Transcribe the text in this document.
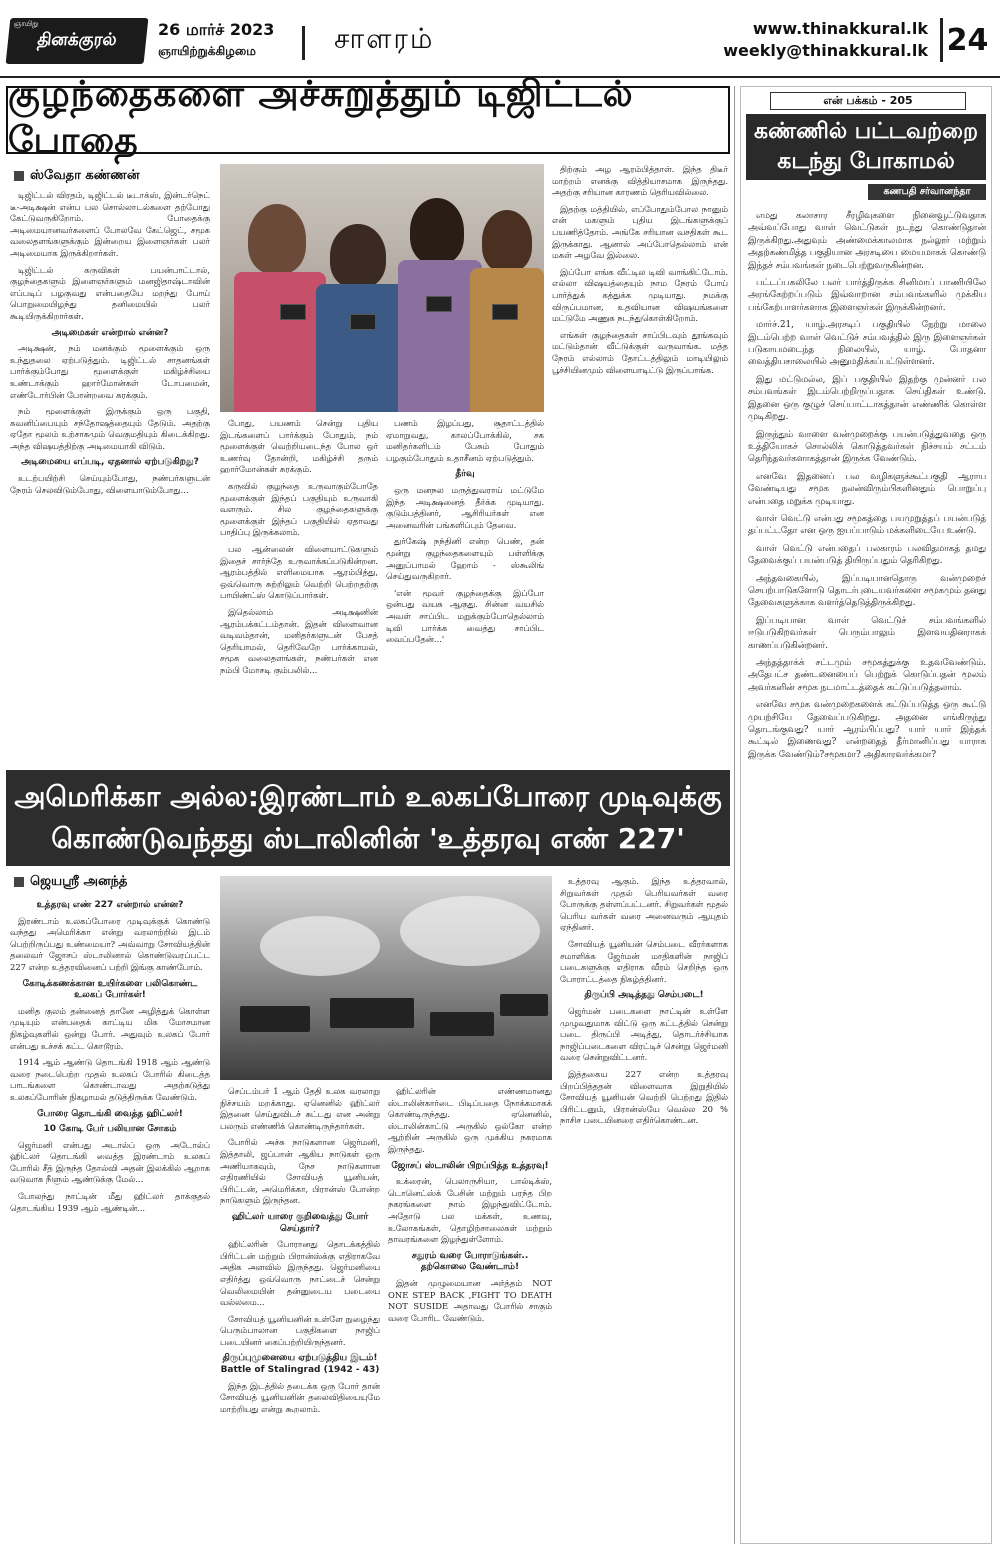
ஞாயிறு
தினக்குரல்
26 மார்ச் 2023
ஞாயிற்றுக்கிழமை	சாளரம்	www.thinakkural.lk
weekly@thinakkural.lk 24
குழந்தைகளை அச்சுறுத்தும் டிஜிட்டல் போதை
ஸ்வேதா கண்ணன்

டிஜிட்டல் விரதம், டிஜிட்டல் டீடாக்ஸ், இன்டர்நெட் டீ-அடிக்ஷன் என்ப பல சொல்லாடல்களை தற்போது கேட்டுவருகிறோம். போதைக்கு அடிமையானவர்களைப் போலவே கேட்ஜெட், சமூக வலைதளங்களுக்கும் இன்றைய இளைஞர்கள் பலர் அடிமையாக இருக்கிறார்கள்.

டிஜிட்டல் கருவிகள் பயன்பாட்டால், குழந்தைகளும் இளைஞர்களும் மனஜிதாஷ்டாவின் எப்படிப் பழகுவது என்பதையே மறந்து போய் பொறுமையிழந்து தனிமையில் பலர் கூடியிருக்கிறார்கள்.

அடிமைகள் என்றால் என்ன?

அடிக்ஷன், நம் மனக்கும் மூளைக்கும் ஒரு உந்துதலை ஏற்படுத்தும். டிஜிட்டல் சாதனங்கள் பார்க்கும்போது மூளைக்குள் மகிழ்ச்சியை உண்டாக்கும் ஹார்மோன்கள் டோபமைன், எண்டோர்பின் போன்றவை சுரக்கும்.

நம் மூளைக்குள் இருக்கும் ஒரு பகுதி, கவனிப்பையும் சந்தோஷத்தையும் தேடும். அதற்கு ஏதோ மூலம் உற்சாகமும் வெகுமதியும் கிடைக்கிறது. அந்த விஷயத்திற்கு அடிமையாகி விடும்.

அடிமையை எப்படி, ஏதனால் ஏற்படுகிறது?

உடற்பயிற்சி செய்யும்போது, நண்பர்களுடன் நேரம் செலவிடும்போது, விளையாடும்போது...

போது, பயணம் சென்று புதிய இடங்களைப் பார்க்கும் போதும், நம் மூளைக்குள் வெற்றியடைந்த போல ஒர் உணர்வு தோன்றி, மகிழ்ச்சி தரும் ஹார்மோன்கள் சுரக்கும்.

கருவில் குழந்தை உருவாகும்போதே மூளைக்குள் இந்தப் பகுதியும் உருவாகி வளரும். சில குழந்தைகளுக்கு மூளைக்குள் இந்தப் பகுதியில் ஏதாவது பாதிப்பு இருக்கலாம்.

பல ஆன்லைன் விளையாட்டுகளும் இதைச் சார்ந்தே உருவாக்கப்படுகின்றன. ஆரம்பத்தில் எளிமையாக ஆரம்பித்து, ஒவ்வொரு சுற்றிலும் வெற்றி பெற்றதற்கு பாயிண்ட்ஸ் கொடுப்பார்கள்.

இதெல்லாம் அடிக்ஷனின் ஆரம்பக்கட்டம்தான். இதன் விளைவான வடிவம்தான், மனிதர்களுடன் பேசத் தெரியாமல், தெரிவேறே பார்க்காமல், சமூக வலைதளங்கள், நண்பர்கள் என நம்பி மோசடி கும்பலில்...

பணம் இழப்பது, சூதாட்டத்தில் ஏமாறுவது, காலப்போக்கில், சக மனிதர்களிடம் பேசும் போதும் பழகும்போதும் உதாசீனம் ஏற்படுத்தும்.

தீர்வு

ஒரு மனநல மருத்துவராய் மட்டுமே இந்த அடிக்ஷனைத் தீர்க்க முடியாது. குடும்பத்தினர், ஆசிரியர்கள் என அனைவரின் பங்களிப்பும் தேவை.

துர்கேஷ் நந்தினி என்ற பெண், தன் மூன்று குழந்தைகளையும் பள்ளிக்கு அனுப்பாமல் ஹோம் - ஸ்கூலிங் செய்துவருகிறார்.

'என் மூவர் குழந்தைக்கு இப்போ ஒன்பது வயசு ஆகுது. சின்ன வயசில் அவள் சாப்பிட மறுக்கும்போதெல்லாம் டிவி பார்க்க வைத்து சாப்பிட வைப்பதேன்...'

திற்கும் அழ ஆரம்பித்தாள். இந்த திடீர் மாற்றம் எனக்கு வித்தியாசமாக இருந்தது. அதற்கு சரியான காரணம் தெரியவில்லை.

இதற்கு மத்தியில், எப்போதும்போல நானும் என் மகளும் புதிய இடங்களுக்குப் பயணித்தோம். அங்கே சரியான வசதிகள் கூட இருக்காது. ஆனால் அப்போதெல்லாம் என் மகள் அழவே இல்லை.

இப்போ எங்க வீட்டில டிவி வாங்கிட்டோம். எல்லா விஷயத்தையும் நாம நேரம் போய் பார்த்துக் கத்துக்க முடியாது. நமக்கு விருப்பமான, உதவியான விஷயங்களை மட்டுமே அணுக நடந்துகொள்கிறோம்.

எங்கள் குழந்தைகள் சாப்பிடவும் தூங்கவும் மட்டும்தான் வீட்டுக்குள் வருவாங்க. மத்த நேரம் எல்லாம் தோட்டத்திலும் மாடியிலும் பூச்சியினமும் விளையாடிட்டு இருப்பாங்க.

அமெரிக்கா அல்ல:இரண்டாம் உலகப்போரை முடிவுக்கு
கொண்டுவந்தது ஸ்டாலினின் 'உத்தரவு எண் 227'
ஜெயஸ்ரீ அனந்த்
உத்தரவு எண் 227 என்றால் என்ன?

இரண்டாம் உலகப்போரை முடிவுக்குக் கொண்டு வந்தது அமெரிக்கா என்று வரலாற்றில் இடம் பெற்றிருப்பது உண்மையா? அவ்வாறு சோவியத்தின் தலைவர் ஜோசப் ஸ்டாலினால் கொண்டுவரப்பட்ட 227 என்ற உத்தரவினைப் பற்றி இங்கு காண்போம்.

கோடிக்கணக்கான உயிர்களை பலிகொண்ட உலகப் போர்கள்!

மனித குலம் தன்னைத் தானே அழித்துக் கொள்ள முடியும் என்பதைக் காட்டிய மிக மோசமான நிகழ்வுகளில் ஒன்று போர். அதுவும் உலகப் போர் என்பது உச்சக் கட்ட கொடூரம்.

1914 ஆம் ஆண்டு தொடங்கி 1918 ஆம் ஆண்டு வரை நடைபெற்ற முதல் உலகப் போரில் கிடைத்த பாடங்களை கொண்டாவது அதற்கடுத்து உலகப்போரின் நிகழாமல் தடுத்திருக்க வேண்டும்.

போரை தொடங்கி வைத்த ஹிட்லர்!
10 கோடி பேர் பலியான சோகம்

ஜெர்மனி என்பது அடால்ப் ஒரு அடோல்ப் ஹிட்லர் தொடங்கி வைத்த இரண்டாம் உலகப் போரில் சீத் இருந்த தோல்வி அதன் இலக்கில் ஆறாக வடுவாக நீளும் ஆண்டுக்கு மேல்...

போலந்து நாட்டின் மீது ஹிட்லர் தாக்குதல் தொடங்கிய 1939 ஆம் ஆண்டின்...

செப்டம்பர் 1 ஆம் தேதி உலக வரலாறு நிச்சயம் மறக்காது. ஏனெனில் ஹிட்லர் இதனை செய்துவிடச் சுட்டது என அன்று பலரும் எண்ணிக் கொண்டிருந்தார்கள்.

போரில் அச்சு நாடுகளான ஜெர்மனி, இத்தாலி, ஜப்பான் ஆகிய நாடுகள் ஒரு அணியாகவும், நேச நாடுகளான எதிரணியில் சோவியத் யூனியன், பிரிட்டன், அமெரிக்கா, பிரான்ஸ் போன்ற நாடுகளும் இருந்தன.

ஹிட்லர் யாரை குறிவைத்து போர் செய்தார்?

ஹிட்லரின் போரானது தொடக்கத்தில் பிரிட்டன் மற்றும் பிரான்ஸ்க்கு எதிராகவே அதிக அளவில் இருந்தது. ஜெர்மனியை எதிர்த்து ஒவ்வொரு நாட்டைச் சென்று வெலிமையின் தன்னுடைய படையை வல்லமை...

சோவியத் யூனியனின் உள்ளே நுழைந்து பெரும்பாலான பகுதிகளை நாஜிப் படையினர் கைப்பற்றியிருந்தனர்.

திருப்புமுனையை ஏற்படுத்திய இடம்! Battle of Stalingrad (1942 - 43)

இந்த இடத்தில் தடைக்க ஒரு போர் தான் சோவியத் யூனியனின் தலைவிதியையுமே மாற்றியது என்று கூறலாம்.

ஹிட்லரின் எண்ணமானது ஸ்டாலின்கார்டை பிடிப்பதை நோக்கமாகக் கொண்டிருந்தது. ஏனெனில், ஸ்டாலின்காட்டு அருகில் ஒல்கோ என்ற ஆற்றின் அருகில் ஒரு முக்கிய நகரமாக இருந்தது.

ஜோசப் ஸ்டாலின் பிறப்பித்த உத்தரவு!

உக்ரைன், பெலாருசியா, பால்டிக்ஸ், டொனெட்ஸ்க் பேசின் மற்றும் பரந்த பிற நகரங்களை நாம் இழந்துவிட்டோம். அதோடு பல மக்கள், உணவு, உலோகங்கள், தொழிற்சாலைகள் மற்றும் தாவரங்களை இழந்துள்ளோம்.

சதுரம் வரை போராடுங்கள்.. தற்கொலை வேண்டாம்!

இதன் முழுமையான அர்த்தம் NOT ONE STEP BACK ,FIGHT TO DEATH NOT SUSIDE அதாவது போரில் சாகும் வரை போரிட வேண்டும்.

உத்தரவு ஆகும். இந்த உத்தரவால், சிறுவர்கள் முதல் பெரியவர்கள் வரை போருக்கு தள்ளப்பட்டனர். சிறுவர்கள் மூதல் பெரிய வர்கள் வரை அனைவரும் ஆயுதம் ஏந்தினர்.

சோவியத் யூனியன் செம்படை வீரர்களாக சமாளிக்க ஜேர்மன் மாதிகளின் நாஜிப் படைகளுக்கு எதிராக வீரம் செறிந்த ஒரு போராட்டத்தை நிகழ்த்தினர்.

திருப்பி அடித்தது செம்படை!

ஜெர்மன் படைகளை நாட்டின் உள்ளே முழுவதுமாக விட்டு ஒரு கட்டத்தில் சென்று படை திருப்பி அடித்து, தொடர்ச்சியாக நாஜிப்படைகளை விரட்டிச் சென்று ஜெர்மனி வரை சென்றுவிட்டனர்.

இத்தகைய 227 என்ற உத்தரவு பிறப்பித்ததன் விளைவாக இறுதியில் சோவியத் யூனியன் வெற்றி பெற்றது இதில் பிரிட்டனும், பிரான்ஸ்யே வெல்ல 20 % நாசிச படையினரை எதிர்கொண்டன.

என் பக்கம் - 205
கண்ணில் பட்டவற்றை
கடந்து போகாமல்
கணபதி சர்வானந்தா

எமது கலாசார சீரழிவுகளை நினைவூட்டுவதாக அவ்வப்போது வாள் வெட்டுகள் நடந்து கொண்டுதான் இருக்கிறது.அதுவும் அண்மைக்காலமாக நல்லூர் மற்றும் அதற்கண்மித்த பகுதியான அரசடியை மையமாகக் கொண்டு இந்தச் சம்பவங்கள் நடைபெற்றுவருகின்றன.

பட்டப்பகலிலே பலர் பார்த்திருக்க சினிமாப் பாணியிலே அரங்கேற்றப்படும் இவ்வாறான சம்பவங்களில் முக்கிய பங்கேற்பாளர்களாக இளைஞர்கள் இருக்கின்றனர்.

மார்ச்.21, யாழ்.அரசடிப் பகுதியில் நேற்று மாலை இடம்பெற்ற வாள் வெட்டுச் சம்பவத்தில் இரு இளைஞர்கள் படுகாயமடைந்த நிலையில், யாழ். போதனா வைத்தியசாலையில் அனுமதிக்கப்பட்டுள்ளனர்.

இது மட்டுமல்ல, இப் பகுதியில் இதற்கு முன்னர் பல சம்பவங்கள் இடம்பெற்றிருப்பதாக செய்திகள் உண்டு. இதனை ஒரு குழுச் செய்பாட்டாகத்தான் எண்ணிக் கொள்ள முடிகிறது.

இருந்தும் வாளை வன்முறைக்கு பயன்படுத்துவதை ஒரு உத்தியோகச் சொல்லிக் கொடுத்தவர்கள் நிச்சயம் சட்டம் தெரிந்தவர்களாகத்தான் இருக்க வேண்டும்.

எனவே இதனைப் பல வழிகளுக்கூட்பகுதி ஆராய வேண்டியது சமூக நலன்விரும்பிகளினதும் பொறுப்பு என்பதை மறுக்க முடியாது.

வாள் வெட்டு என்பது சமூகத்தை பயமுறுத்தப் பயன்படுத் தப்பட்டதோ என ஒரு ஐயப்பாடும் மக்களிடையே உண்டு.

வாள் வெட்டு என்பதைப் பலகாரம் பலவிதமாகத் தமது தேவைக்குப் பயன்படுத் தியிருப்பதும் தெரிகிறது.

அந்தவகையில், இப்படியானதொரு வன்முறைச் செயற்பாடுகளோடு தொடர்புடையவர்களை சமூகமும் தனது தேவைகளுக்காக வளர்த்தெடுத்திருக்கிறது.

இப்படியான வாள் வெட்டுச் சம்பவங்களில் ஈடுபடுகிறவர்கள் பெரும்பாலும் இளவயதினராகக் காணப்படுகின்றனர்.

அந்தத்தாக்க் சட்டமும் சமூகத்துக்கு உதவவேண்டும். அதேபட்ச தண்டனையைப் பெற்றுக் கொடுப்பதன் மூலம் அவர்களின் சமூக நடமாட்டத்தைக் கட்டுப்படுத்தலாம்.

எனவே சமூக வன்முறைகளைக் கட்டுப்படுத்த ஒரு கூட்டு முயற்சியே தேவைப்படுகிறது. அதனை எங்கிருந்து தொடங்குவது? யார் ஆரம்பிப்பது? யார் யார் இந்தக் கூட்டில் இணைவது? என்றதைத் தீர்மானிப்பது யாராக இருக்க வேண்டும்?சமூகமா? அதிகாரவர்க்கமா?
